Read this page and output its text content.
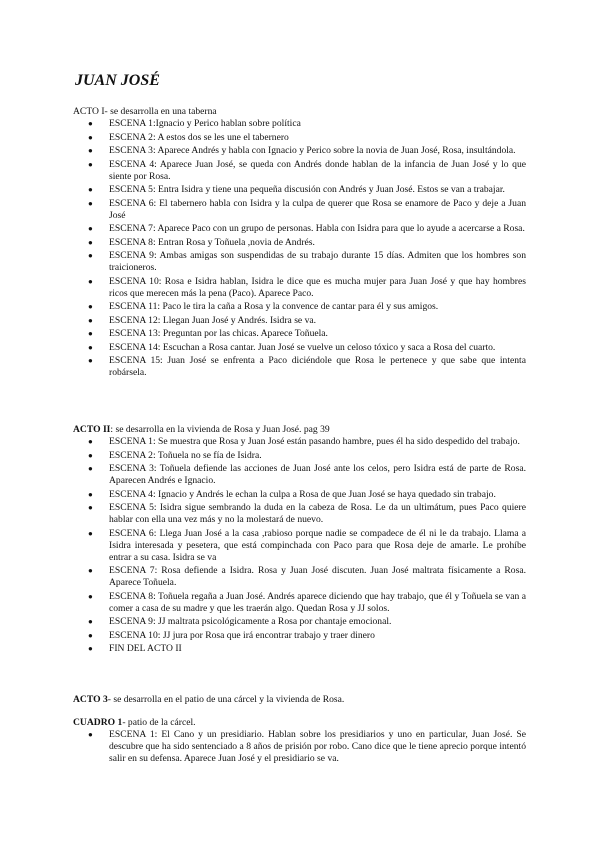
JUAN JOSÉ

ACTO I- se desarrolla en una taberna

● ESCENA 1:Ignacio y Perico hablan sobre política
● ESCENA 2: A estos dos se les une el tabernero
● ESCENA 3: Aparece Andrés y habla con Ignacio y Perico sobre la novia de Juan José, Rosa, insultándola.
● ESCENA 4: Aparece Juan José, se queda con Andrés donde hablan de la infancia de Juan José y lo que siente por Rosa.
● ESCENA 5: Entra Isidra y tiene una pequeña discusión con Andrés y Juan José. Estos se van a trabajar.
● ESCENA 6: El tabernero habla con Isidra y la culpa de querer que Rosa se enamore de Paco y deje a Juan José
● ESCENA 7: Aparece Paco con un grupo de personas. Habla con Isidra para que lo ayude a acercarse a Rosa.
● ESCENA 8: Entran Rosa y Toñuela ,novia de Andrés.
● ESCENA 9: Ambas amigas son suspendidas de su trabajo durante 15 días. Admiten que los hombres son traicioneros.
● ESCENA 10: Rosa e Isidra hablan, Isidra le dice que es mucha mujer para Juan José y que hay hombres ricos que merecen más la pena (Paco). Aparece Paco.
● ESCENA 11: Paco le tira la caña a Rosa y la convence de cantar para él y sus amigos.
● ESCENA 12: Llegan Juan José y Andrés. Isidra se va.
● ESCENA 13: Preguntan por las chicas. Aparece Toñuela.
● ESCENA 14: Escuchan a Rosa cantar. Juan José se vuelve un celoso tóxico y saca a Rosa del cuarto.
● ESCENA 15: Juan José se enfrenta a Paco diciéndole que Rosa le pertenece y que sabe que intenta robársela.

ACTO II: se desarrolla en la vivienda de Rosa y Juan José. pag 39

● ESCENA 1: Se muestra que Rosa y Juan José están pasando hambre, pues él ha sido despedido del trabajo.
● ESCENA 2: Toñuela no se fía de Isidra.
● ESCENA 3: Toñuela defiende las acciones de Juan José ante los celos, pero Isidra está de parte de Rosa. Aparecen Andrés e Ignacio.
● ESCENA 4: Ignacio y Andrés le echan la culpa a Rosa de que Juan José se haya quedado sin trabajo.
● ESCENA 5: Isidra sigue sembrando la duda en la cabeza de Rosa. Le da un ultimátum, pues Paco quiere hablar con ella una vez más y no la molestará de nuevo.
● ESCENA 6: Llega Juan José a la casa ,rabioso porque nadie se compadece de él ni le da trabajo. Llama a Isidra interesada y pesetera, que está compinchada con Paco para que Rosa deje de amarle. Le prohíbe entrar a su casa. Isidra se va
● ESCENA 7: Rosa defiende a Isidra. Rosa y Juan José discuten. Juan José maltrata físicamente a Rosa. Aparece Toñuela.
● ESCENA 8: Toñuela regaña a Juan José. Andrés aparece diciendo que hay trabajo, que él y Toñuela se van a comer a casa de su madre y que les traerán algo. Quedan Rosa y JJ solos.
● ESCENA 9: JJ maltrata psicológicamente a Rosa por chantaje emocional.
● ESCENA 10: JJ jura por Rosa que irá encontrar trabajo y traer dinero
● FIN DEL ACTO II

ACTO 3- se desarrolla en el patio de una cárcel y la vivienda de Rosa.

CUADRO 1- patio de la cárcel.

● ESCENA 1: El Cano y un presidiario. Hablan sobre los presidiarios y uno en particular, Juan José. Se descubre que ha sido sentenciado a 8 años de prisión por robo. Cano dice que le tiene aprecio porque intentó salir en su defensa. Aparece Juan José y el presidiario se va.
